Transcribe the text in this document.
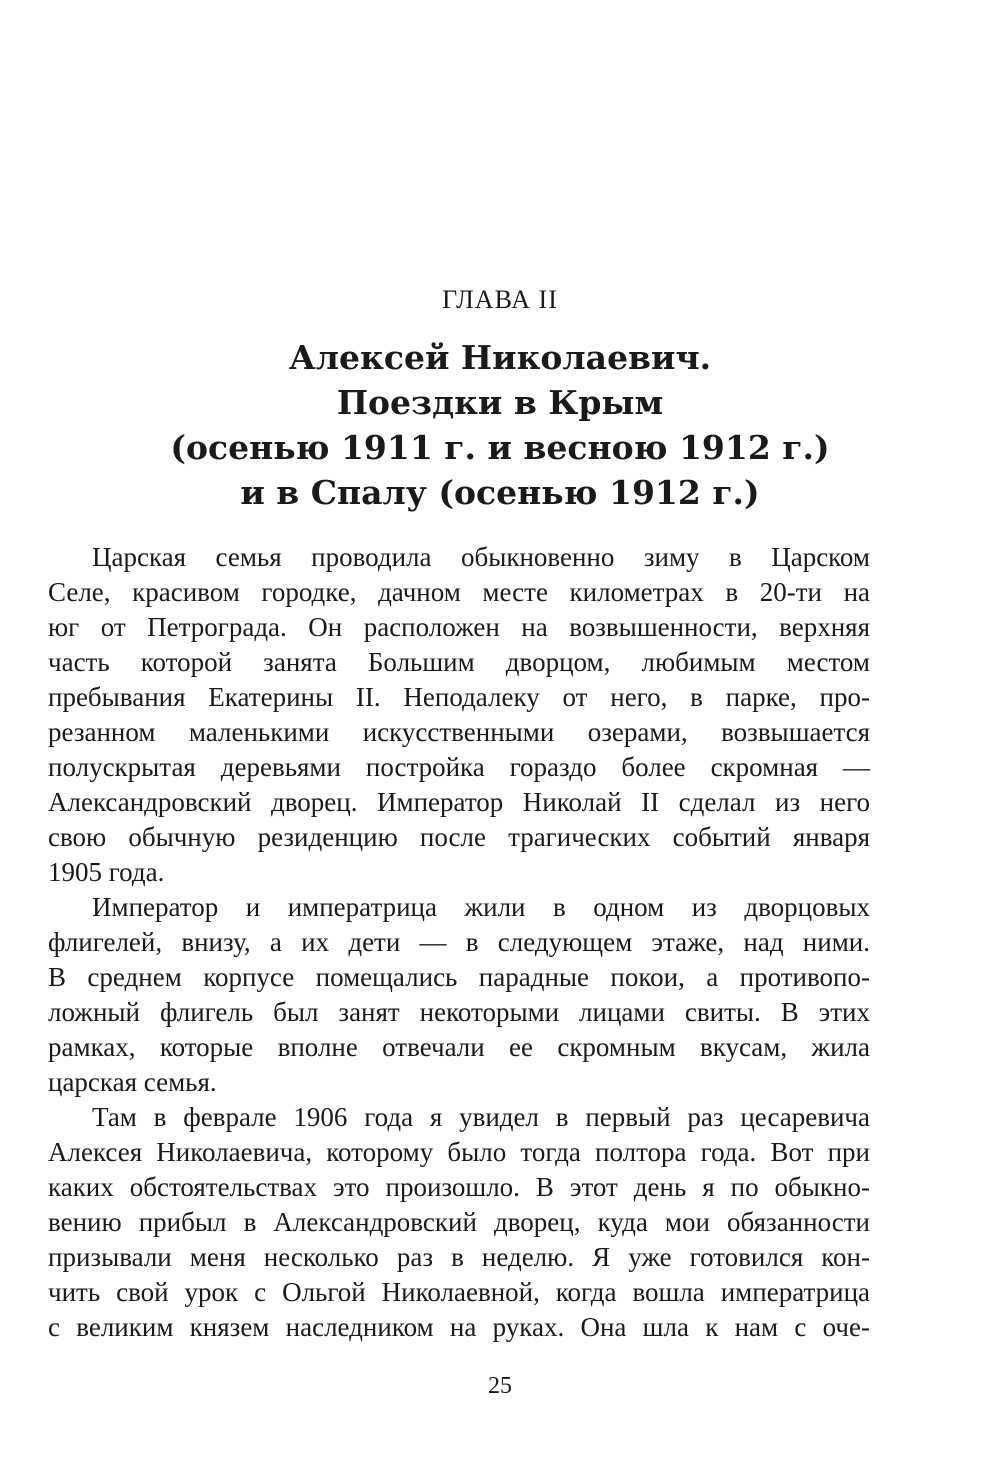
ГЛАВА II
Алексей Николаевич.
Поездки в Крым
(осенью 1911 г. и весною 1912 г.)
и в Спалу (осенью 1912 г.)
Царская семья проводила обыкновенно зиму в Царском
Селе, красивом городке, дачном месте километрах в 20-ти на
юг от Петрограда. Он расположен на возвышенности, верхняя
часть которой занята Большим дворцом, любимым местом
пребывания Екатерины II. Неподалеку от него, в парке, про-
резанном маленькими искусственными озерами, возвышается
полускрытая деревьями постройка гораздо более скромная —
Александровский дворец. Император Николай II сделал из него
свою обычную резиденцию после трагических событий января
1905 года.
Император и императрица жили в одном из дворцовых
флигелей, внизу, а их дети — в следующем этаже, над ними.
В среднем корпусе помещались парадные покои, а противопо-
ложный флигель был занят некоторыми лицами свиты. В этих
рамках, которые вполне отвечали ее скромным вкусам, жила
царская семья.
Там в феврале 1906 года я увидел в первый раз цесаревича
Алексея Николаевича, которому было тогда полтора года. Вот при
каких обстоятельствах это произошло. В этот день я по обыкно-
вению прибыл в Александровский дворец, куда мои обязанности
призывали меня несколько раз в неделю. Я уже готовился кон-
чить свой урок с Ольгой Николаевной, когда вошла императрица
с великим князем наследником на руках. Она шла к нам с оче-
25
